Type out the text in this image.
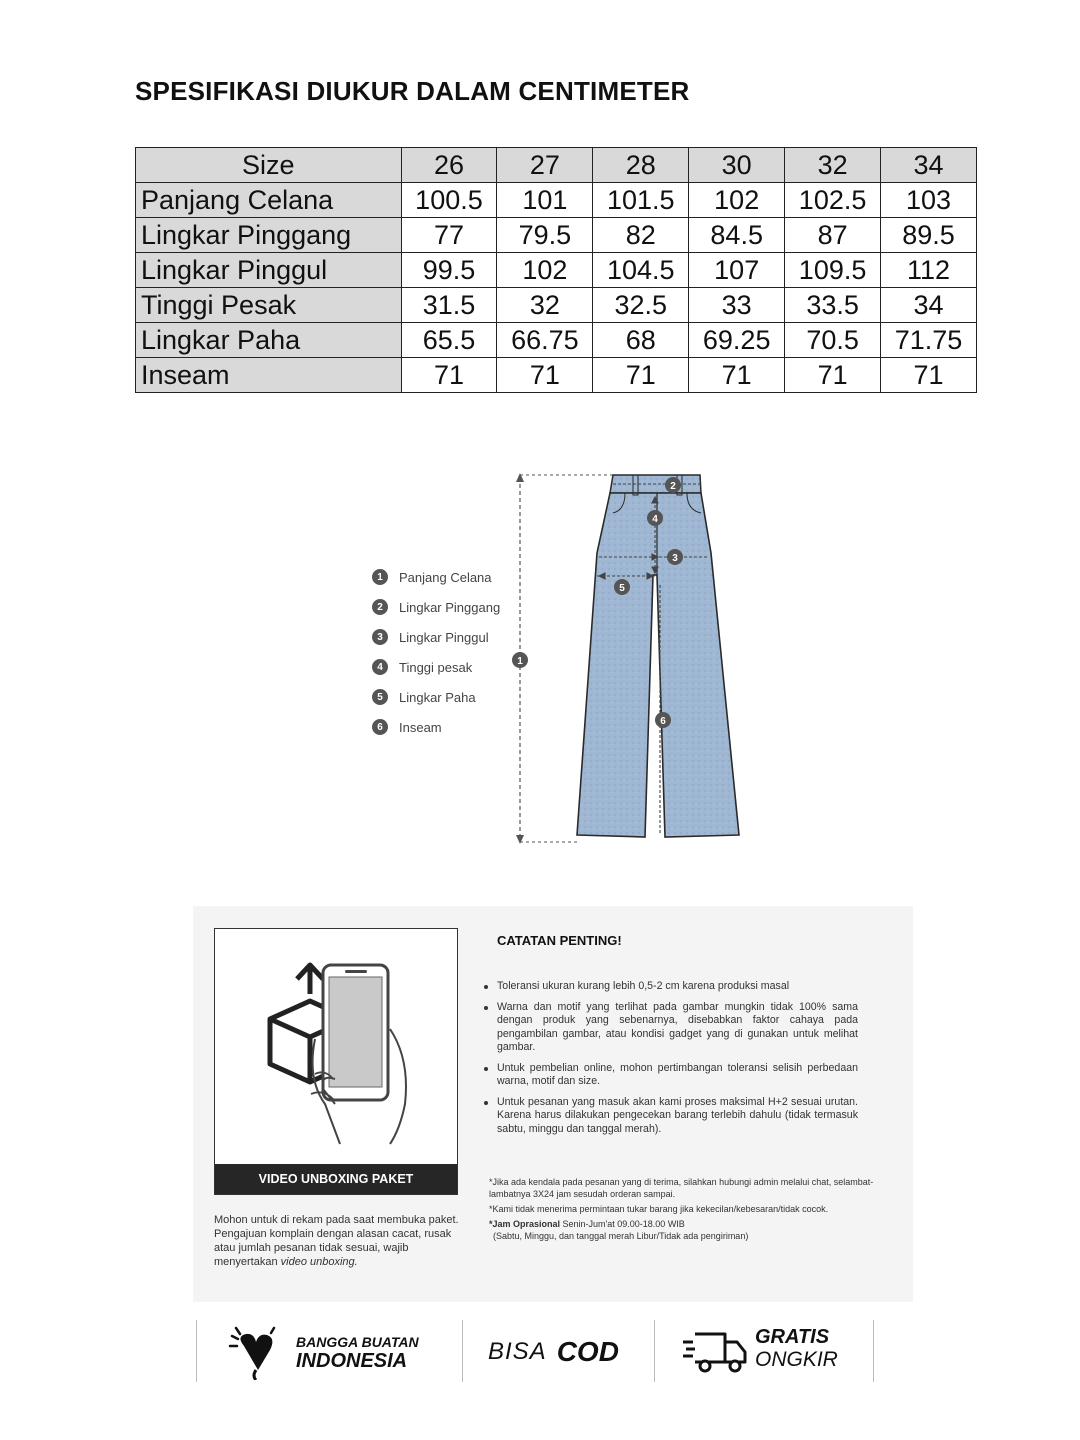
SPESIFIKASI DIUKUR DALAM CENTIMETER
Size	26	27	28	30	32	34
Panjang Celana	100.5	101	101.5	102	102.5	103
Lingkar Pinggang	77	79.5	82	84.5	87	89.5
Lingkar Pinggul	99.5	102	104.5	107	109.5	112
Tinggi Pesak	31.5	32	32.5	33	33.5	34
Lingkar Paha	65.5	66.75	68	69.25	70.5	71.75
Inseam	71	71	71	71	71	71
1	Panjang Celana
2	Lingkar Pinggang
3	Lingkar Pinggul
4	Tinggi pesak
5	Lingkar Paha
6	Inseam
1
2
3
4
5
6
VIDEO UNBOXING PAKET
Mohon untuk di rekam pada saat membuka paket. Pengajuan komplain dengan alasan cacat, rusak atau jumlah pesanan tidak sesuai, wajib menyertakan video unboxing.
CATATAN PENTING!
Toleransi ukuran kurang lebih 0,5-2 cm karena produksi masal
Warna dan motif yang terlihat pada gambar mungkin tidak 100% sama dengan produk yang sebenarnya, disebabkan faktor cahaya pada pengambilan gambar, atau kondisi gadget yang di gunakan untuk melihat gambar.
Untuk pembelian online, mohon pertimbangan toleransi selisih perbedaan warna, motif dan size.
Untuk pesanan yang masuk akan kami proses maksimal H+2 sesuai urutan. Karena harus dilakukan pengecekan barang terlebih dahulu (tidak termasuk sabtu, minggu dan tanggal merah).

*Jika ada kendala pada pesanan yang di terima, silahkan hubungi admin melalui chat, selambat-lambatnya 3X24 jam sesudah orderan sampai.

*Kami tidak menerima permintaan tukar barang jika kekecilan/kebesaran/tidak cocok.

*Jam Oprasional Senin-Jum'at 09.00-18.00 WIB

(Sabtu, Minggu, dan tanggal merah Libur/Tidak ada pengiriman)

BANGGA BUATAN
INDONESIA	BISA COD	GRATIS
ONGKIR
